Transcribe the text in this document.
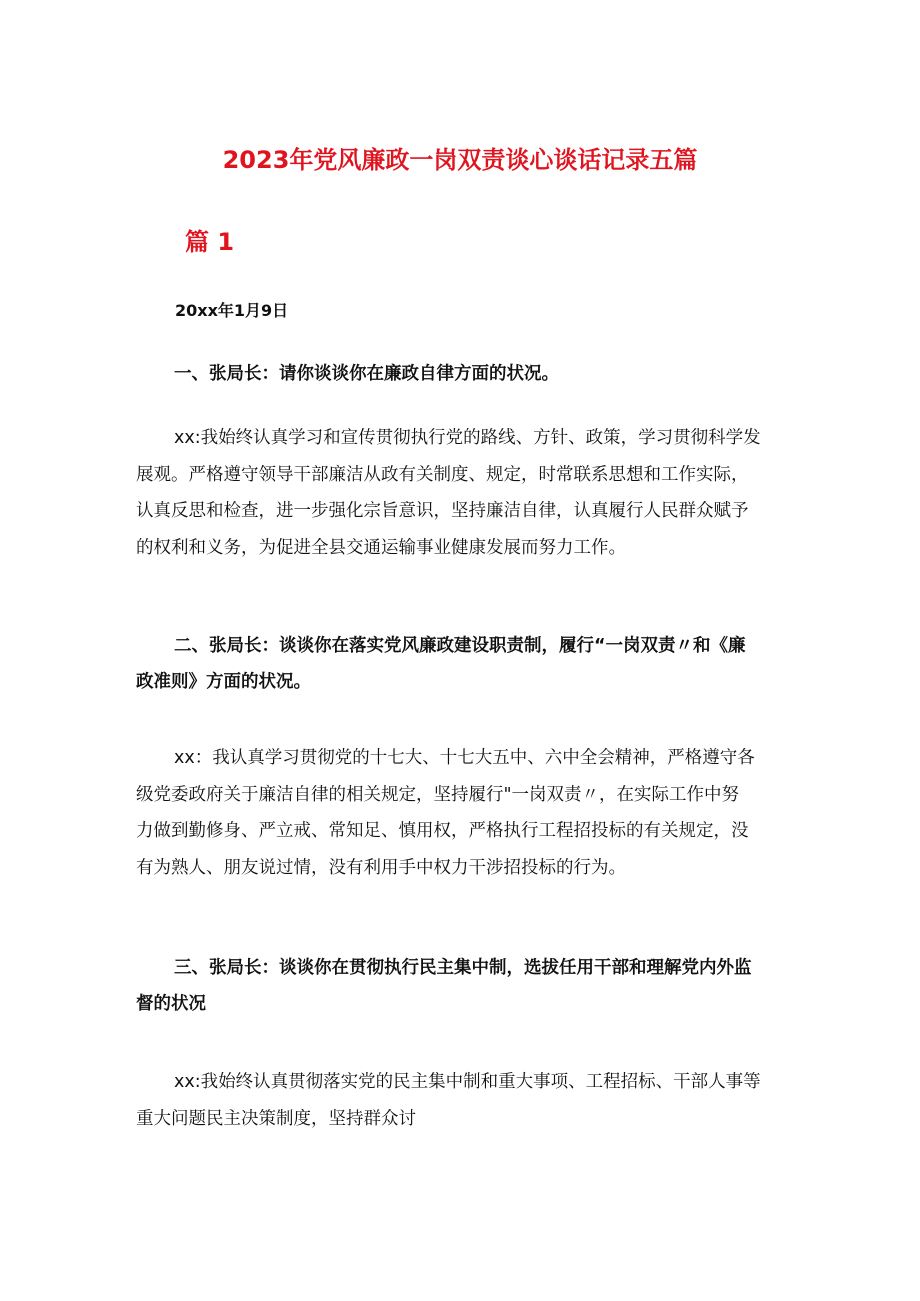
2023年党风廉政一岗双责谈心谈话记录五篇
篇 1
20xx年1月9日
一、张局长：请你谈谈你在廉政自律方面的状况。
xx:我始终认真学习和宣传贯彻执行党的路线、方针、政策，学习贯彻科学发
展观。严格遵守领导干部廉洁从政有关制度、规定，时常联系思想和工作实际，
认真反思和检查，进一步强化宗旨意识，坚持廉洁自律，认真履行人民群众赋予
的权利和义务，为促进全县交通运输事业健康发展而努力工作。
二、张局长：谈谈你在落实党风廉政建设职责制，履行“一岗双责〃和《廉
政准则》方面的状况。
xx：我认真学习贯彻党的十七大、十七大五中、六中全会精神，严格遵守各
级党委政府关于廉洁自律的相关规定，坚持履行"一岗双责〃，在实际工作中努
力做到勤修身、严立戒、常知足、慎用权，严格执行工程招投标的有关规定，没
有为熟人、朋友说过情，没有利用手中权力干涉招投标的行为。
三、张局长：谈谈你在贯彻执行民主集中制，选拔任用干部和理解党内外监
督的状况
xx:我始终认真贯彻落实党的民主集中制和重大事项、工程招标、干部人事等
重大问题民主决策制度，坚持群众讨
